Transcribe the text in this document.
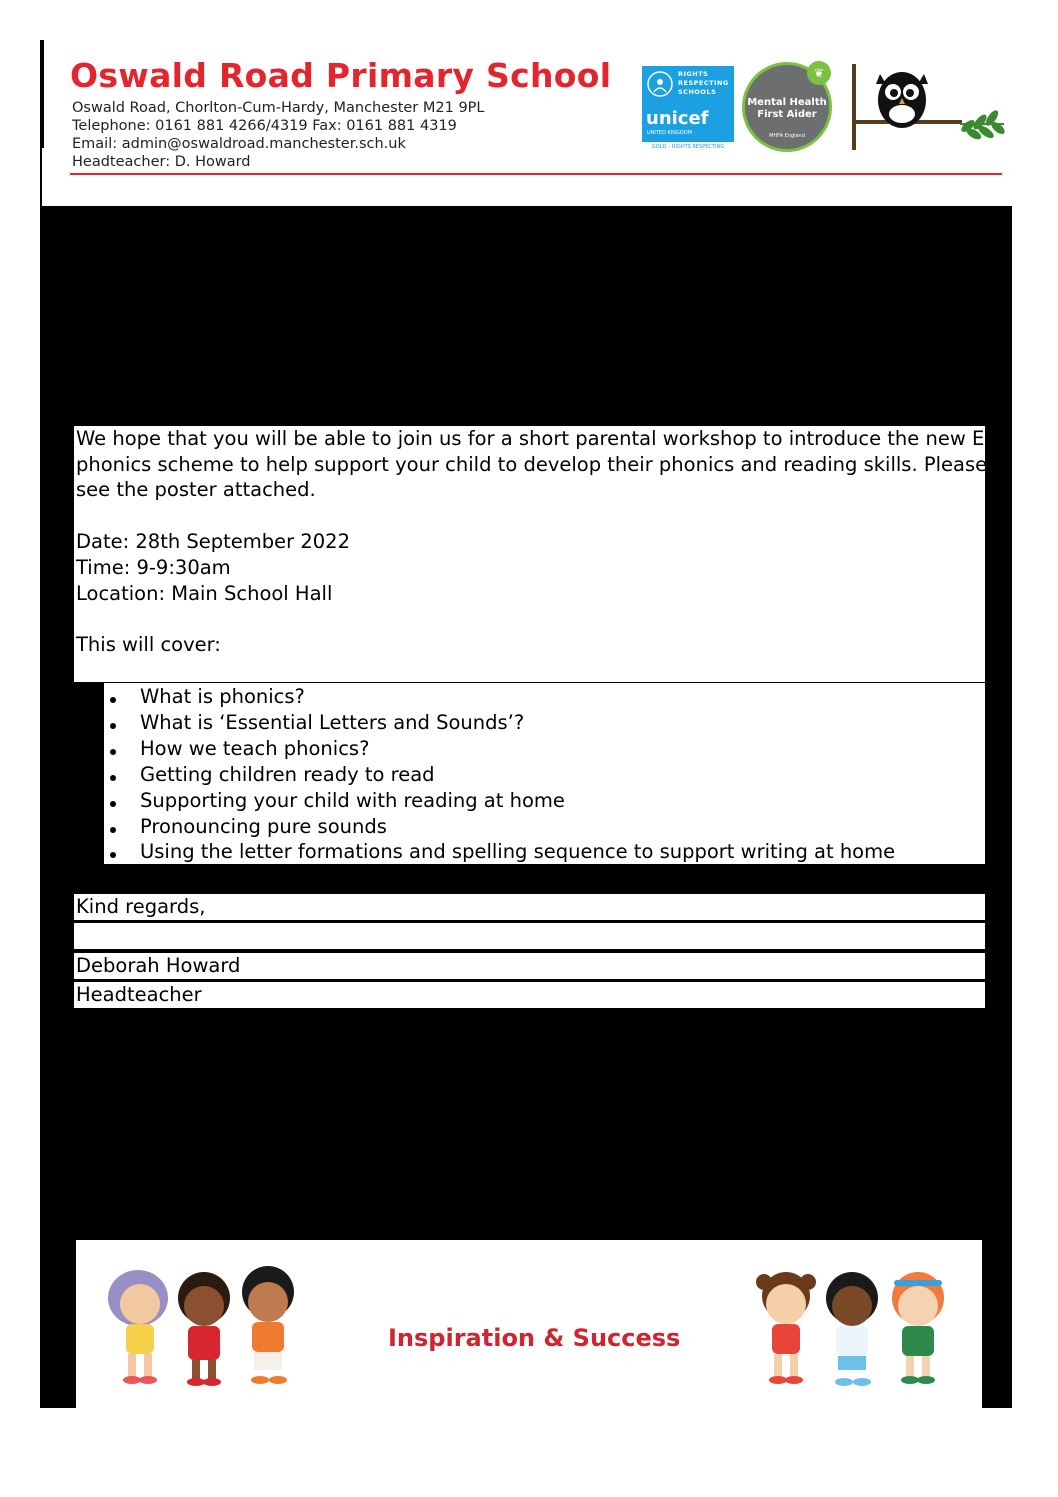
Oswald Road Primary School
Oswald Road, Chorlton-Cum-Hardy, Manchester M21 9PL
Telephone: 0161 881 4266/4319 Fax: 0161 881 4319
Email: admin@oswaldroad.manchester.sch.uk
Headteacher: D. Howard
RIGHTS RESPECTING SCHOOLS
unicef
UNITED KINGDOM
GOLD – RIGHTS RESPECTING
❦
Mental Health First Aider
MHFA England
We hope that you will be able to join us for a short parental workshop to introduce the new ELS
phonics scheme to help support your child to develop their phonics and reading skills. Please
see the poster attached.
Date: 28th September 2022
Time: 9-9:30am
Location: Main School Hall
This will cover:
What is phonics?
What is ‘Essential Letters and Sounds’?
How we teach phonics?
Getting children ready to read
Supporting your child with reading at home
Pronouncing pure sounds
Using the letter formations and spelling sequence to support writing at home
Kind regards,
Deborah Howard
Headteacher
Inspiration & Success
